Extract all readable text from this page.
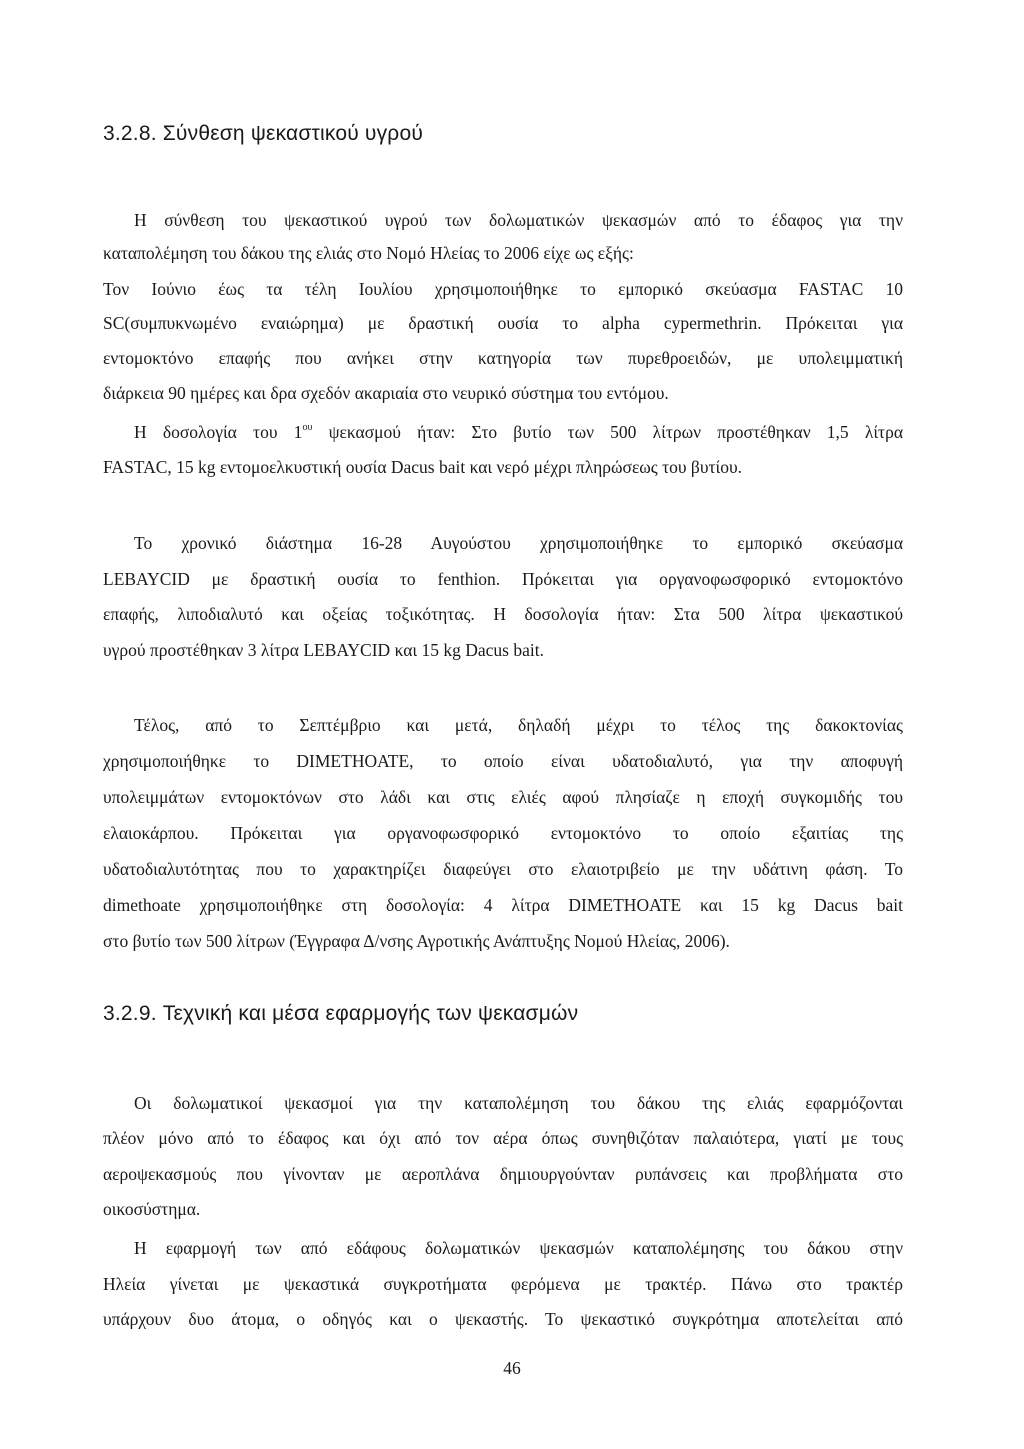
3.2.8. Σύνθεση ψεκαστικού υγρού
Η σύνθεση του ψεκαστικού υγρού των δολωματικών ψεκασμών από το έδαφος για την
καταπολέμηση του δάκου της ελιάς στο Νομό Ηλείας το 2006 είχε ως εξής:
Τον Ιούνιο έως τα τέλη Ιουλίου χρησιμοποιήθηκε το εμπορικό σκεύασμα FASTAC 10
SC(συμπυκνωμένο εναιώρημα) με δραστική ουσία το alpha cypermethrin. Πρόκειται για
εντομοκτόνο επαφής που ανήκει στην κατηγορία των πυρεθροειδών, με υπολειμματική
διάρκεια 90 ημέρες και δρα σχεδόν ακαριαία στο νευρικό σύστημα του εντόμου.
Η δοσολογία του $1^{o\upsilon}$ ψεκασμού ήταν: Στο βυτίο των 500 λίτρων προστέθηκαν 1,5 λίτρα
FASTAC, 15 kg εντομοελκυστική ουσία Dacus bait και νερό μέχρι πληρώσεως του βυτίου.
Το χρονικό διάστημα 16-28 Αυγούστου χρησιμοποιήθηκε το εμπορικό σκεύασμα
LEBAYCID με δραστική ουσία το fenthion. Πρόκειται για οργανοφωσφορικό εντομοκτόνο
επαφής, λιποδιαλυτό και οξείας τοξικότητας. Η δοσολογία ήταν: Στα 500 λίτρα ψεκαστικού
υγρού προστέθηκαν 3 λίτρα LEBAYCID και 15 kg Dacus bait.
Τέλος, από το Σεπτέμβριο και μετά, δηλαδή μέχρι το τέλος της δακοκτονίας
χρησιμοποιήθηκε το DIMETHOATE, το οποίο είναι υδατοδιαλυτό, για την αποφυγή
υπολειμμάτων εντομοκτόνων στο λάδι και στις ελιές αφού πλησίαζε η εποχή συγκομιδής του
ελαιοκάρπου. Πρόκειται για οργανοφωσφορικό εντομοκτόνο το οποίο εξαιτίας της
υδατοδιαλυτότητας που το χαρακτηρίζει διαφεύγει στο ελαιοτριβείο με την υδάτινη φάση. Το
dimethoate χρησιμοποιήθηκε στη δοσολογία: 4 λίτρα DIMETHOATE και 15 kg Dacus bait
στο βυτίο των 500 λίτρων (Έγγραφα Δ/νσης Αγροτικής Ανάπτυξης Νομού Ηλείας, 2006).
3.2.9. Τεχνική και μέσα εφαρμογής των ψεκασμών
Οι δολωματικοί ψεκασμοί για την καταπολέμηση του δάκου της ελιάς εφαρμόζονται
πλέον μόνο από το έδαφος και όχι από τον αέρα όπως συνηθιζόταν παλαιότερα, γιατί με τους
αεροψεκασμούς που γίνονταν με αεροπλάνα δημιουργούνταν ρυπάνσεις και προβλήματα στο
οικοσύστημα.
Η εφαρμογή των από εδάφους δολωματικών ψεκασμών καταπολέμησης του δάκου στην
Ηλεία γίνεται με ψεκαστικά συγκροτήματα φερόμενα με τρακτέρ. Πάνω στο τρακτέρ
υπάρχουν δυο άτομα, ο οδηγός και ο ψεκαστής. Το ψεκαστικό συγκρότημα αποτελείται από
46
